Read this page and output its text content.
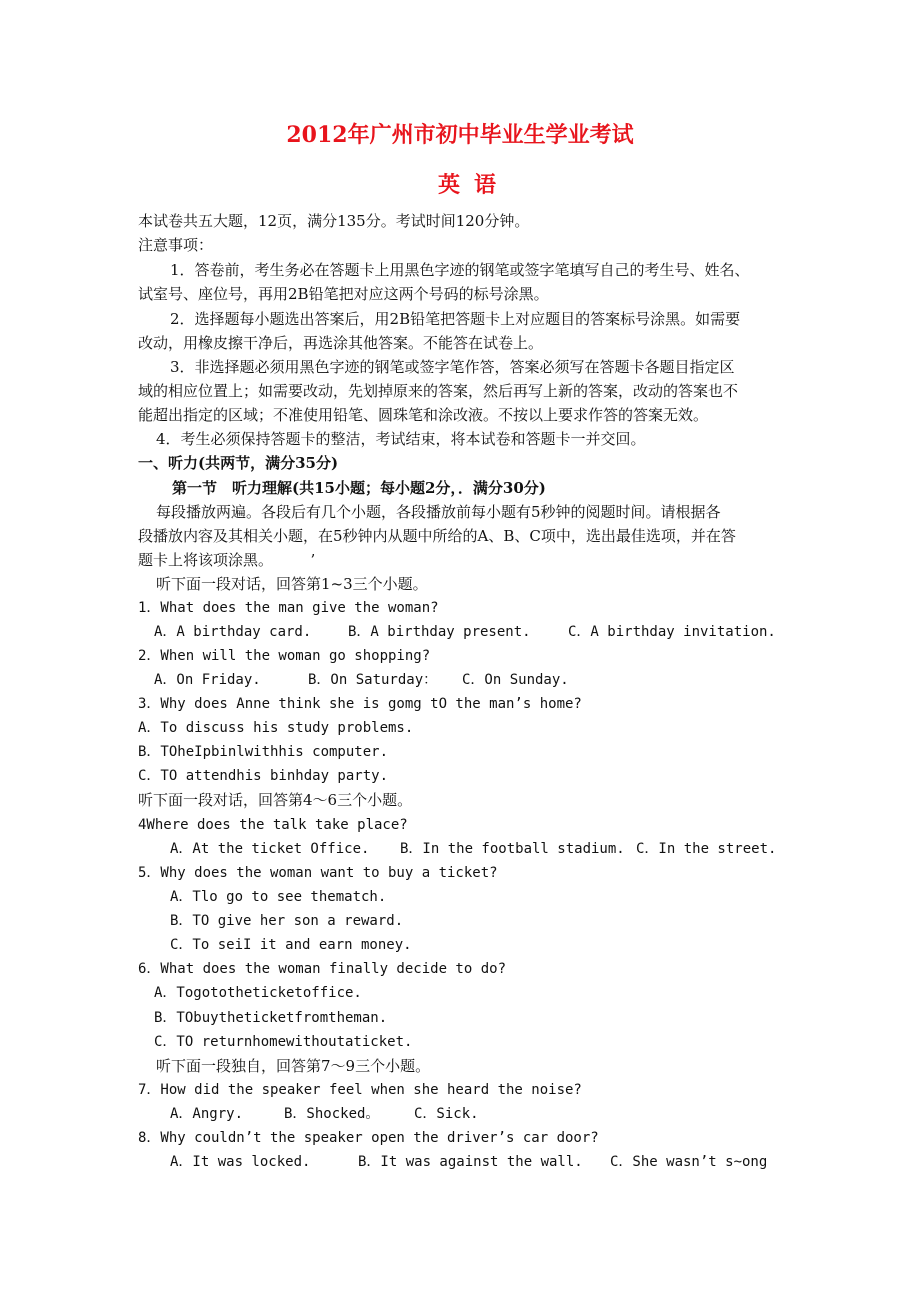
2012年广州市初中毕业生学业考试
英语
本试卷共五大题，12页，满分135分。考试时间120分钟。
注意事项：
1．答卷前，考生务必在答题卡上用黑色字迹的钢笔或签字笔填写自己的考生号、姓名、
试室号、座位号，再用2B铅笔把对应这两个号码的标号涂黑。
2．选择题每小题选出答案后，用2B铅笔把答题卡上对应题目的答案标号涂黑。如需要
改动，用橡皮擦干净后，再选涂其他答案。不能答在试卷上。
3．非选择题必须用黑色字迹的钢笔或签字笔作答，答案必须写在答题卡各题目指定区
域的相应位置上；如需要改动，先划掉原来的答案，然后再写上新的答案，改动的答案也不
能超出指定的区域；不准使用铅笔、圆珠笔和涂改液。不按以上要求作答的答案无效。
4．考生必须保持答题卡的整洁，考试结束，将本试卷和答题卡一并交回。
一、听力(共两节，满分35分)
第一节　听力理解(共15小题；每小题2分，．满分30分)
每段播放两遍。各段后有几个小题，各段播放前每小题有5秒钟的阅题时间。请根据各
段播放内容及其相关小题，在5秒钟内从题中所给的A、B、C项中，选出最佳选项，并在答
题卡上将该项涂黑。　　　’
听下面一段对话，回答第1~3三个小题。
1．What does the man give the woman?
A．A birthday card.	B．A birthday present.	C．A birthday invitation.
2．When will the woman go shopping?
A．On Friday.	B．On Saturday： C．On Sunday.
3．Why does Anne think she is gomg tO the man’s home?
A．To discuss his study problems.
B．TOheIpbinlwithhis computer.
C．TO attendhis binhday party.
听下面一段对话，回答第4～6三个小题。
4Where does the talk take place?
A．At the ticket Office. B．In the football stadium. C．In the street.
5．Why does the woman want to buy a ticket?
A．Tlo go to see thematch.
B．TO give her son a reward.
C．To seiI it and earn money.
6．What does the woman finally decide to do?
A．Togototheticketoffice.
B．TObuytheticketfromtheman.
C．TO returnhomewithoutaticket.
听下面一段独自，回答第7～9三个小题。
7．How did the speaker feel when she heard the noise?
A．Angry.	B．Shocked。 C．Sick.
8．Why couldn’t the speaker open the driver’s car door?
A．It was locked.	B．It was against the wall. C．She wasn’t s~ong
